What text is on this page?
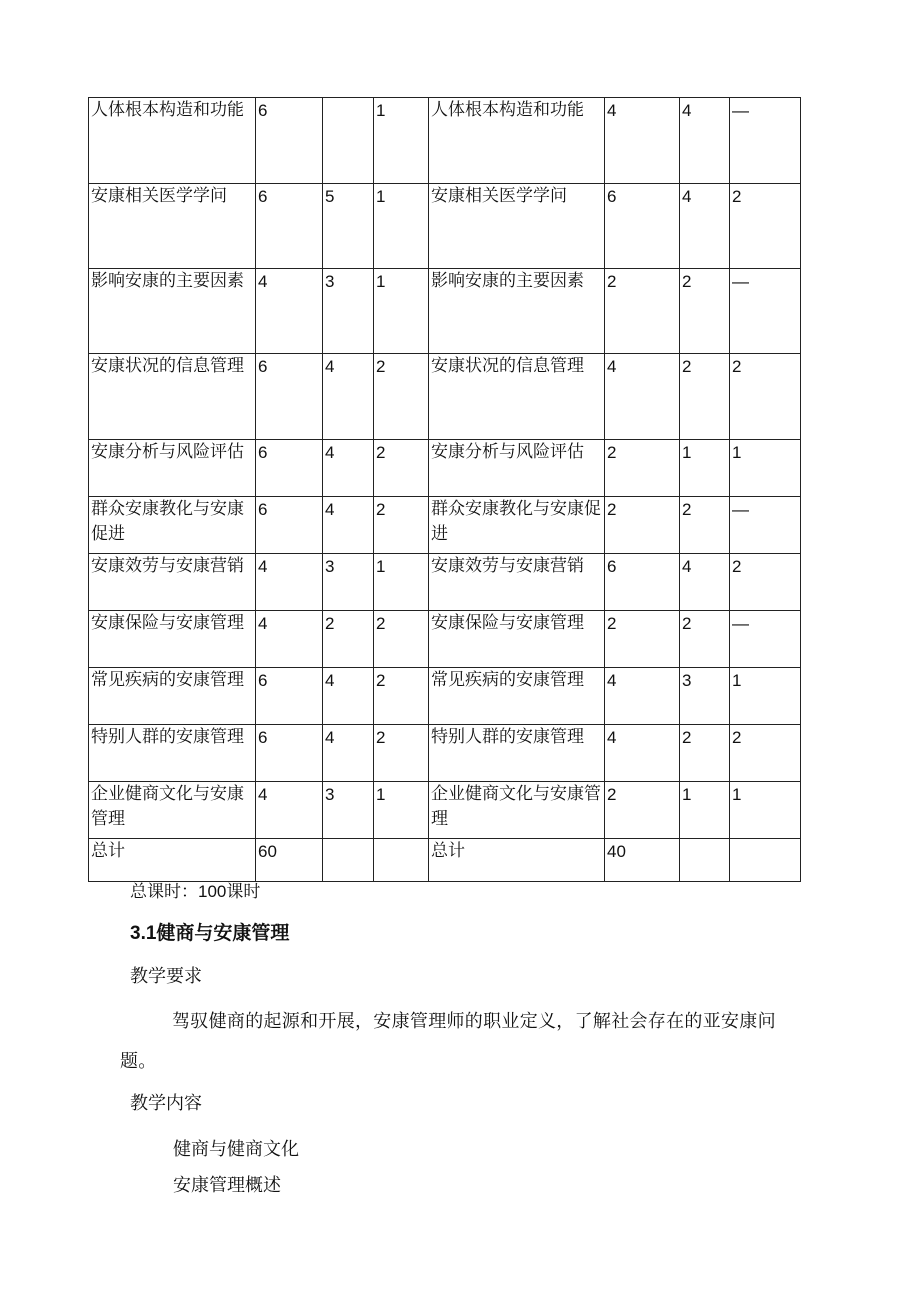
人体根本构造和功能	6		1	人体根本构造和功能	4	4	—
安康相关医学学问	6	5	1	安康相关医学学问	6	4	2
影响安康的主要因素	4	3	1	影响安康的主要因素	2	2	—
安康状况的信息管理	6	4	2	安康状况的信息管理	4	2	2
安康分析与风险评估	6	4	2	安康分析与风险评估	2	1	1
群众安康教化与安康促进	6	4	2	群众安康教化与安康促进	2	2	—
安康效劳与安康营销	4	3	1	安康效劳与安康营销	6	4	2
安康保险与安康管理	4	2	2	安康保险与安康管理	2	2	—
常见疾病的安康管理	6	4	2	常见疾病的安康管理	4	3	1
特别人群的安康管理	6	4	2	特别人群的安康管理	4	2	2
企业健商文化与安康管理	4	3	1	企业健商文化与安康管理	2	1	1
总计	60			总计	40		
总课时：100课时
3.1健商与安康管理
教学要求
驾驭健商的起源和开展，安康管理师的职业定义，了解社会存在的亚安康问题。
教学内容
健商与健商文化
安康管理概述
